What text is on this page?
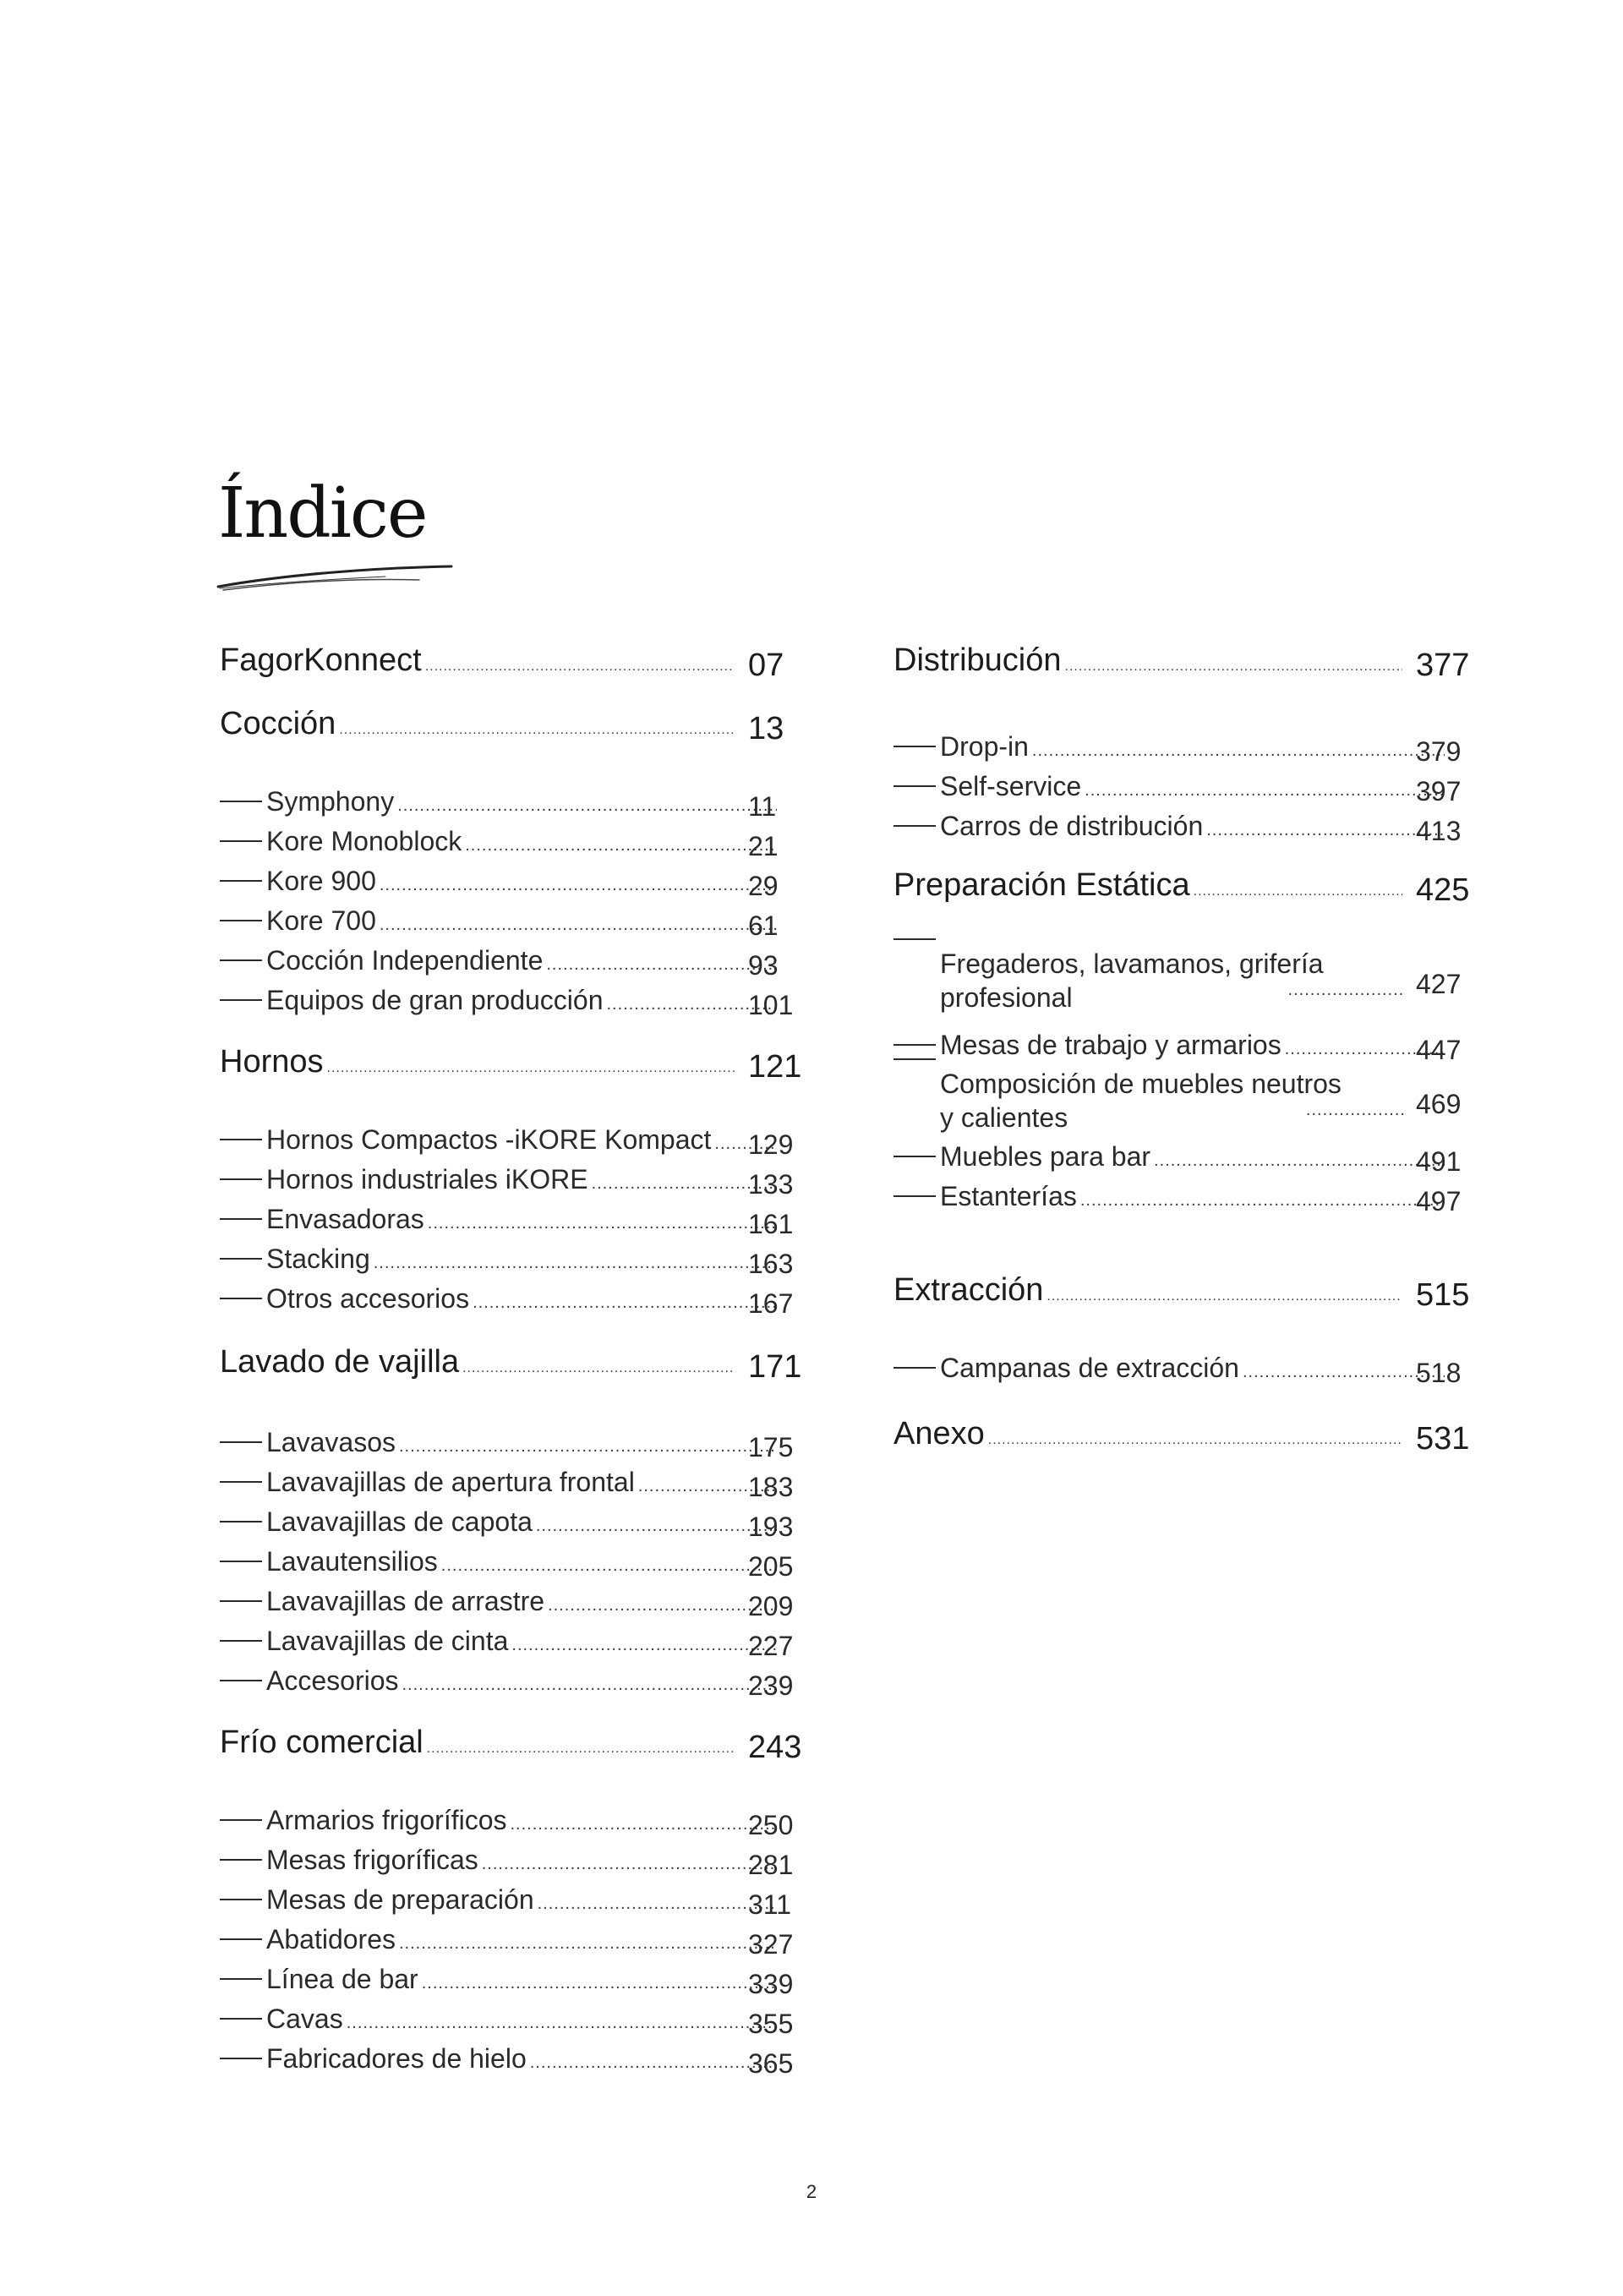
Índice
FagorKonnect .....	07
Cocción .....	13
Symphony .....	11
Kore Monoblock .....	21
Kore 900 .....	29
Kore 700 .....	61
Cocción Independiente .....	93
Equipos de gran producción .....	101
Hornos .....	121
Hornos Compactos -iKORE Kompact ..... 129
Hornos industriales iKORE .....	133
Envasadoras .....	161
Stacking .....	163
Otros accesorios .....	167
Lavado de vajilla .....	171
Lavavasos .....	175
Lavavajillas de apertura frontal .....	183
Lavavajillas de capota .....	193
Lavautensilios .....	205
Lavavajillas de arrastre .....	209
Lavavajillas de cinta .....	227
Accesorios .....	239
Frío comercial .....	243
Armarios frigoríficos .....	250
Mesas frigoríficas .....	281
Mesas de preparación .....	311
Abatidores .....	327
Línea de bar .....	339
Cavas .....	355
Fabricadores de hielo .....	365
Distribución .....	377
Drop-in .....	379
Self-service .....	397
Carros de distribución .....	413
Preparación Estática .....	425
Fregaderos, lavamanos, grifería
profesional .....	427
Mesas de trabajo y armarios .....	447
Composición de muebles neutros
y calientes .....	469
Muebles para bar .....	491
Estanterías .....	497
Extracción .....	515
Campanas de extracción .....	518
Anexo .....	531
2
